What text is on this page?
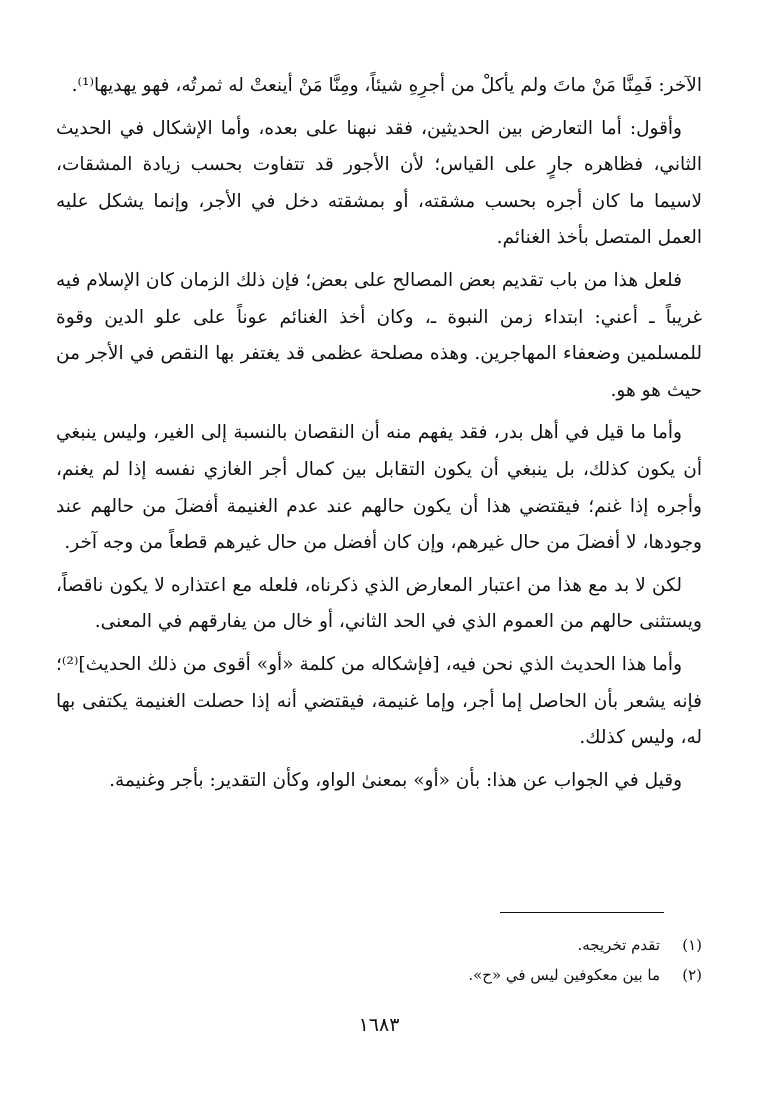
الآخر: فَمِنَّا مَنْ ماتَ ولم يأكلْ من أجرِهِ شيئاً، ومِنَّا مَنْ أينعتْ له ثمرتُه، فهو يهديها⁽¹⁾.

وأقول: أما التعارض بين الحديثين، فقد نبهنا على بعده، وأما الإشكال في الحديث الثاني، فظاهره جارٍ على القياس؛ لأن الأجور قد تتفاوت بحسب زيادة المشقات، لاسيما ما كان أجره بحسب مشقته، أو بمشقته دخل في الأجر، وإنما يشكل عليه العمل المتصل بأخذ الغنائم.

فلعل هذا من باب تقديم بعض المصالح على بعض؛ فإن ذلك الزمان كان الإسلام فيه غريباً ـ أعني: ابتداء زمن النبوة ـ، وكان أخذ الغنائم عوناً على علو الدين وقوة للمسلمين وضعفاء المهاجرين. وهذه مصلحة عظمى قد يغتفر بها النقص في الأجر من حيث هو هو.

وأما ما قيل في أهل بدر، فقد يفهم منه أن النقصان بالنسبة إلى الغير، وليس ينبغي أن يكون كذلك، بل ينبغي أن يكون التقابل بين كمال أجر الغازي نفسه إذا لم يغنم، وأجره إذا غنم؛ فيقتضي هذا أن يكون حالهم عند عدم الغنيمة أفضلَ من حالهم عند وجودها، لا أفضلَ من حال غيرهم، وإن كان أفضل من حال غيرهم قطعاً من وجه آخر.

لكن لا بد مع هذا من اعتبار المعارض الذي ذكرناه، فلعله مع اعتذاره لا يكون ناقصاً، ويستثنى حالهم من العموم الذي في الحد الثاني، أو خال من يفارقهم في المعنى.

وأما هذا الحديث الذي نحن فيه، [فإشكاله من كلمة «أو» أقوى من ذلك الحديث]⁽²⁾؛ فإنه يشعر بأن الحاصل إما أجر، وإما غنيمة، فيقتضي أنه إذا حصلت الغنيمة يكتفى بها له، وليس كذلك.

وقيل في الجواب عن هذا: بأن «أو» بمعنىٰ الواو، وكأن التقدير: بأجر وغنيمة.

(١)
تقدم تخريجه.
(٢)
ما بين معكوفين ليس في «ح».
١٦٨٣
